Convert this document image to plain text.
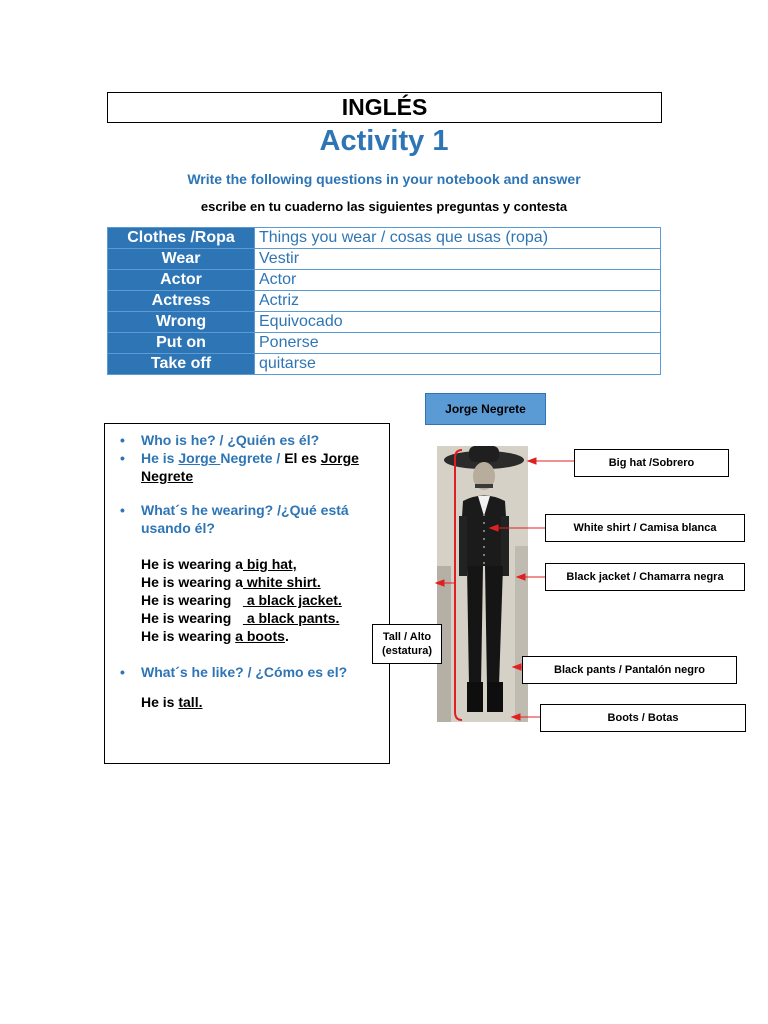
INGLÉS
Activity 1
Write the following questions in your notebook and answer
escribe en tu cuaderno las siguientes preguntas y contesta
Clothes /Ropa	Things you wear / cosas que usas (ropa)
Wear	Vestir
Actor	Actor
Actress	Actriz
Wrong	Equivocado
Put on	Ponerse
Take off	quitarse
Jorge Negrete
• Who is he? / ¿Quién es él?
• He is Jorge Negrete / El es Jorge
Negrete
• What´s he wearing? /¿Qué está usando él?
He is wearing a big hat,
He is wearing a white shirt.
He is wearing    a black jacket.
He is wearing    a black pants.
He is wearing a boots.
• What´s he like? / ¿Cómo es el?
He is tall.
Big hat /Sobrero
White shirt / Camisa blanca
Black jacket / Chamarra negra
Tall / Alto
(estatura)
Black pants / Pantalón negro
Boots / Botas
